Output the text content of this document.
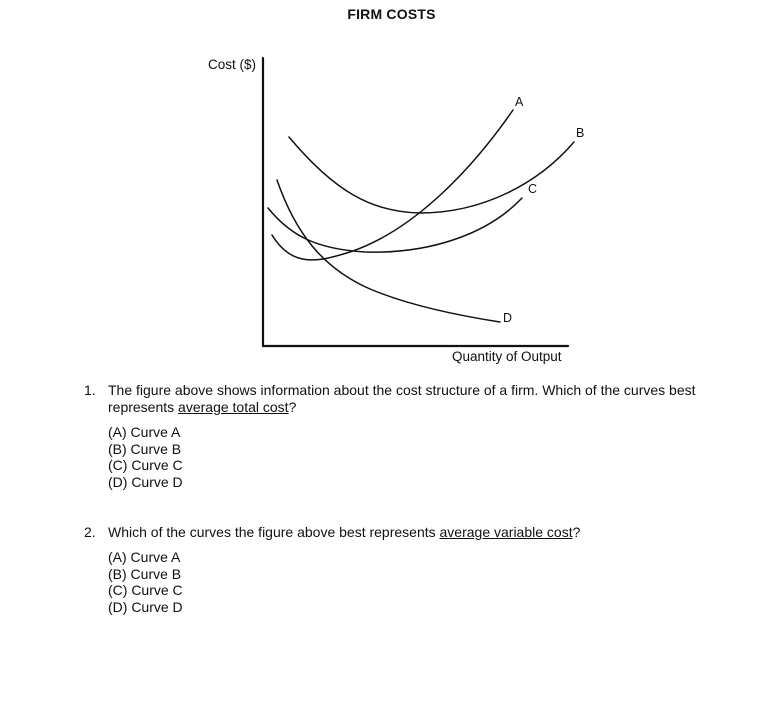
FIRM COSTS
Cost ($)
Quantity of Output
A
B
C
D
1. The figure above shows information about the cost structure of a firm. Which of the curves best represents average total cost?
(A) Curve A
(B) Curve B
(C) Curve C
(D) Curve D
2. Which of the curves the figure above best represents average variable cost?
(A) Curve A
(B) Curve B
(C) Curve C
(D) Curve D
